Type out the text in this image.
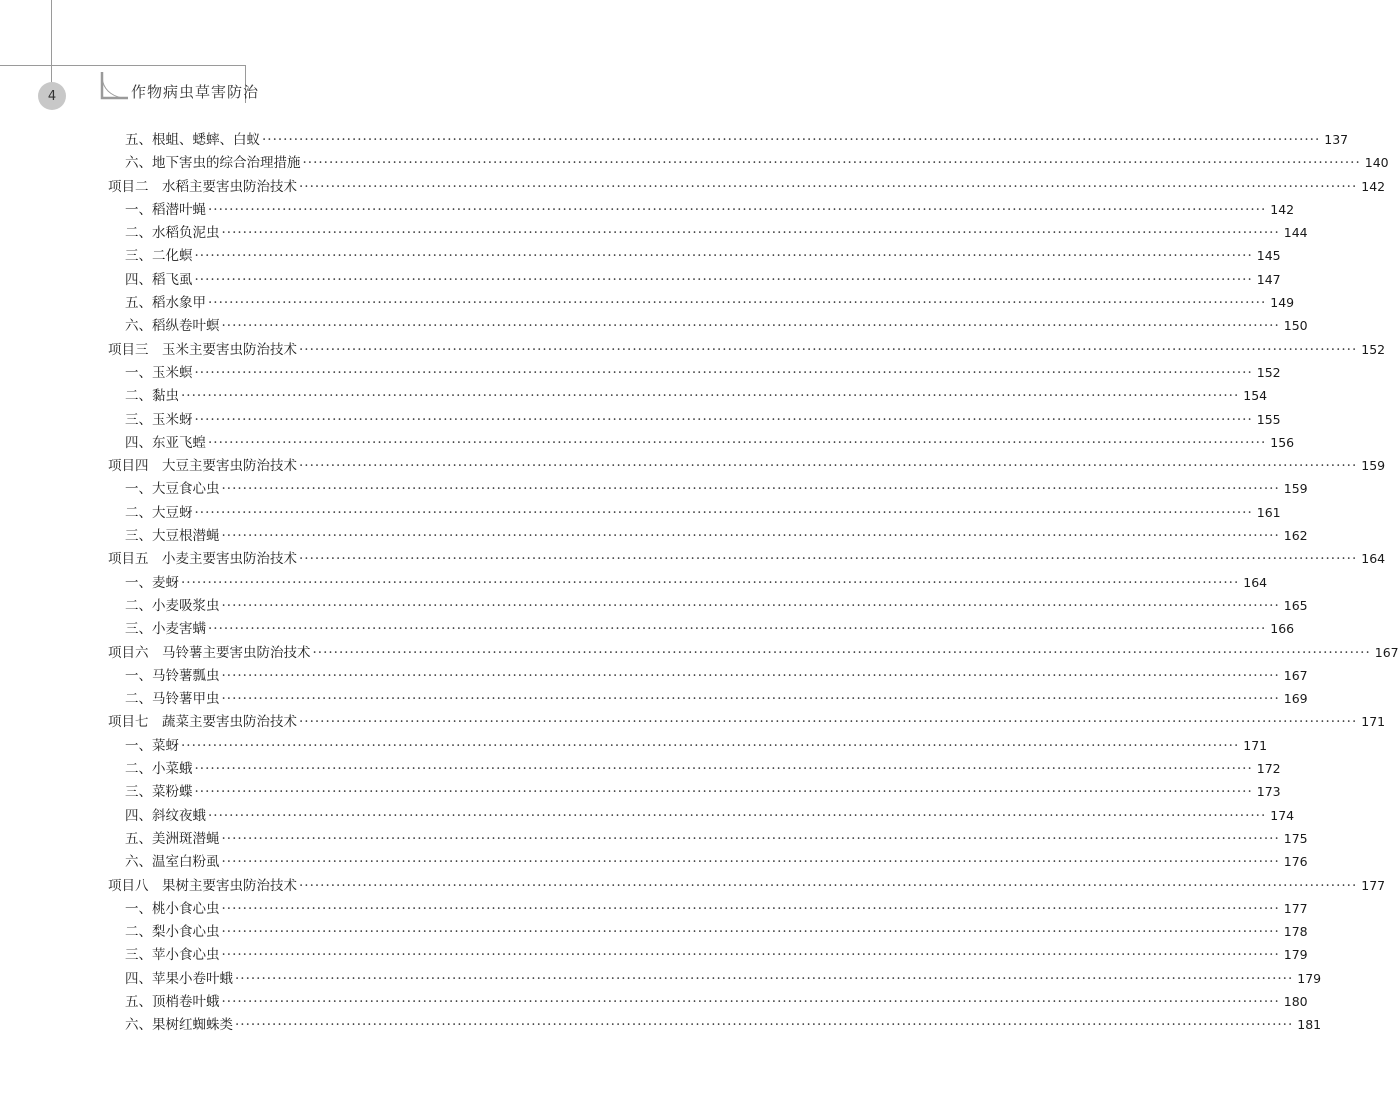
4	作物病虫草害防治
五、根蛆、蟋蟀、白蚁 ········································································································································································································ 137
六、地下害虫的综合治理措施 ········································································································································································································ 140
项目二　水稻主要害虫防治技术 ········································································································································································································ 142
一、稻潜叶蝇 ········································································································································································································ 142
二、水稻负泥虫 ········································································································································································································ 144
三、二化螟 ········································································································································································································ 145
四、稻飞虱 ········································································································································································································ 147
五、稻水象甲 ········································································································································································································ 149
六、稻纵卷叶螟 ········································································································································································································ 150
项目三　玉米主要害虫防治技术 ········································································································································································································ 152
一、玉米螟 ········································································································································································································ 152
二、黏虫 ········································································································································································································ 154
三、玉米蚜 ········································································································································································································ 155
四、东亚飞蝗 ········································································································································································································ 156
项目四　大豆主要害虫防治技术 ········································································································································································································ 159
一、大豆食心虫 ········································································································································································································ 159
二、大豆蚜 ········································································································································································································ 161
三、大豆根潜蝇 ········································································································································································································ 162
项目五　小麦主要害虫防治技术 ········································································································································································································ 164
一、麦蚜 ········································································································································································································ 164
二、小麦吸浆虫 ········································································································································································································ 165
三、小麦害螨 ········································································································································································································ 166
项目六　马铃薯主要害虫防治技术 ········································································································································································································ 167
一、马铃薯瓢虫 ········································································································································································································ 167
二、马铃薯甲虫 ········································································································································································································ 169
项目七　蔬菜主要害虫防治技术 ········································································································································································································ 171
一、菜蚜 ········································································································································································································ 171
二、小菜蛾 ········································································································································································································ 172
三、菜粉蝶 ········································································································································································································ 173
四、斜纹夜蛾 ········································································································································································································ 174
五、美洲斑潜蝇 ········································································································································································································ 175
六、温室白粉虱 ········································································································································································································ 176
项目八　果树主要害虫防治技术 ········································································································································································································ 177
一、桃小食心虫 ········································································································································································································ 177
二、梨小食心虫 ········································································································································································································ 178
三、苹小食心虫 ········································································································································································································ 179
四、苹果小卷叶蛾 ········································································································································································································ 179
五、顶梢卷叶蛾 ········································································································································································································ 180
六、果树红蜘蛛类 ········································································································································································································ 181
